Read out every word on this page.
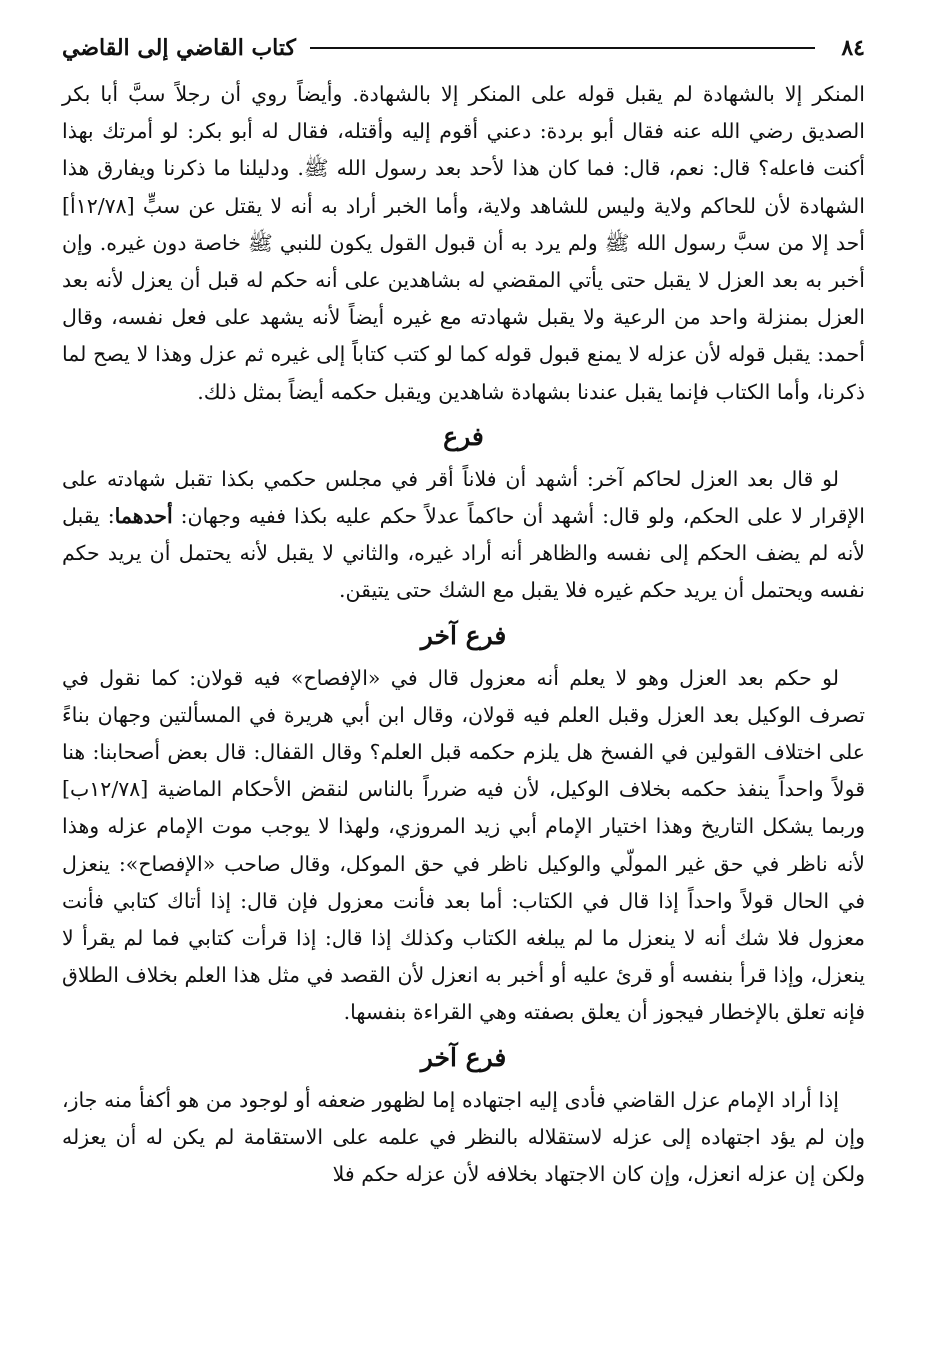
٨٤
كتاب القاضي إلى القاضي

المنكر إلا بالشهادة لم يقبل قوله على المنكر إلا بالشهادة. وأيضاً روي أن رجلاً سبَّ أبا بكر الصديق رضي الله عنه فقال أبو بردة: دعني أقوم إليه وأقتله، فقال له أبو بكر: لو أمرتك بهذا أكنت فاعله؟ قال: نعم، قال: فما كان هذا لأحد بعد رسول الله ﷺ. ودليلنا ما ذكرنا ويفارق هذا الشهادة لأن للحاكم ولاية وليس للشاهد ولاية، وأما الخبر أراد به أنه لا يقتل عن سبٍّ [١٢/٧٨أ] أحد إلا من سبَّ رسول الله ﷺ ولم يرد به أن قبول القول يكون للنبي ﷺ خاصة دون غيره. وإن أخبر به بعد العزل لا يقبل حتى يأتي المقضي له بشاهدين على أنه حكم له قبل أن يعزل لأنه بعد العزل بمنزلة واحد من الرعية ولا يقبل شهادته مع غيره أيضاً لأنه يشهد على فعل نفسه، وقال أحمد: يقبل قوله لأن عزله لا يمنع قبول قوله كما لو كتب كتاباً إلى غيره ثم عزل وهذا لا يصح لما ذكرنا، وأما الكتاب فإنما يقبل عندنا بشهادة شاهدين ويقبل حكمه أيضاً بمثل ذلك.

فرع

لو قال بعد العزل لحاكم آخر: أشهد أن فلاناً أقر في مجلس حكمي بكذا تقبل شهادته على الإقرار لا على الحكم، ولو قال: أشهد أن حاكماً عدلاً حكم عليه بكذا ففيه وجهان: أحدهما: يقبل لأنه لم يضف الحكم إلى نفسه والظاهر أنه أراد غيره، والثاني لا يقبل لأنه يحتمل أن يريد حكم نفسه ويحتمل أن يريد حكم غيره فلا يقبل مع الشك حتى يتيقن.

فرع آخر

لو حكم بعد العزل وهو لا يعلم أنه معزول قال في «الإفصاح» فيه قولان: كما نقول في تصرف الوكيل بعد العزل وقبل العلم فيه قولان، وقال ابن أبي هريرة في المسألتين وجهان بناءً على اختلاف القولين في الفسخ هل يلزم حكمه قبل العلم؟ وقال القفال: قال بعض أصحابنا: هنا قولاً واحداً ينفذ حكمه بخلاف الوكيل، لأن فيه ضرراً بالناس لنقض الأحكام الماضية [١٢/٧٨ب] وربما يشكل التاريخ وهذا اختيار الإمام أبي زيد المروزي، ولهذا لا يوجب موت الإمام عزله وهذا لأنه ناظر في حق غير المولّي والوكيل ناظر في حق الموكل، وقال صاحب «الإفصاح»: ينعزل في الحال قولاً واحداً إذا قال في الكتاب: أما بعد فأنت معزول فإن قال: إذا أتاك كتابي فأنت معزول فلا شك أنه لا ينعزل ما لم يبلغه الكتاب وكذلك إذا قال: إذا قرأت كتابي فما لم يقرأ لا ينعزل، وإذا قرأ بنفسه أو قرئ عليه أو أخبر به انعزل لأن القصد في مثل هذا العلم بخلاف الطلاق فإنه تعلق بالإخطار فيجوز أن يعلق بصفته وهي القراءة بنفسها.

فرع آخر

إذا أراد الإمام عزل القاضي فأدى إليه اجتهاده إما لظهور ضعفه أو لوجود من هو أكفأ منه جاز، وإن لم يؤد اجتهاده إلى عزله لاستقلاله بالنظر في علمه على الاستقامة لم يكن له أن يعزله ولكن إن عزله انعزل، وإن كان الاجتهاد بخلافه لأن عزله حكم فلا
